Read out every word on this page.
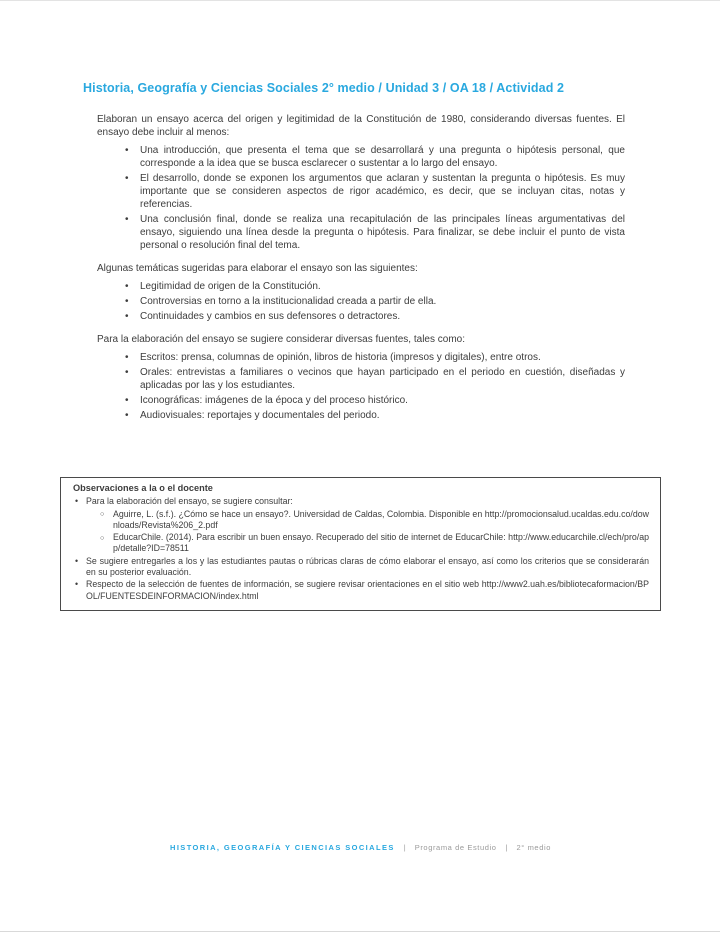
Historia, Geografía y Ciencias Sociales 2° medio / Unidad 3 / OA 18 / Actividad 2

Elaboran un ensayo acerca del origen y legitimidad de la Constitución de 1980, considerando diversas fuentes. El ensayo debe incluir al menos:

• Una introducción, que presenta el tema que se desarrollará y una pregunta o hipótesis personal, que corresponde a la idea que se busca esclarecer o sustentar a lo largo del ensayo.
• El desarrollo, donde se exponen los argumentos que aclaran y sustentan la pregunta o hipótesis. Es muy importante que se consideren aspectos de rigor académico, es decir, que se incluyan citas, notas y referencias.
• Una conclusión final, donde se realiza una recapitulación de las principales líneas argumentativas del ensayo, siguiendo una línea desde la pregunta o hipótesis. Para finalizar, se debe incluir el punto de vista personal o resolución final del tema.

Algunas temáticas sugeridas para elaborar el ensayo son las siguientes:

• Legitimidad de origen de la Constitución.
• Controversias en torno a la institucionalidad creada a partir de ella.
• Continuidades y cambios en sus defensores o detractores.

Para la elaboración del ensayo se sugiere considerar diversas fuentes, tales como:

• Escritos: prensa, columnas de opinión, libros de historia (impresos y digitales), entre otros.
• Orales: entrevistas a familiares o vecinos que hayan participado en el periodo en cuestión, diseñadas y aplicadas por las y los estudiantes.
• Iconográficas: imágenes de la época y del proceso histórico.
• Audiovisuales: reportajes y documentales del periodo.
Observaciones a la o el docente
• Para la elaboración del ensayo, se sugiere consultar:
○ Aguirre, L. (s.f.). ¿Cómo se hace un ensayo?. Universidad de Caldas, Colombia. Disponible en http://promocionsalud.ucaldas.edu.co/downloads/Revista%206_2.pdf
○ EducarChile. (2014). Para escribir un buen ensayo. Recuperado del sitio de internet de EducarChile: http://www.educarchile.cl/ech/pro/app/detalle?ID=78511
• Se sugiere entregarles a los y las estudiantes pautas o rúbricas claras de cómo elaborar el ensayo, así como los criterios que se considerarán en su posterior evaluación.
• Respecto de la selección de fuentes de información, se sugiere revisar orientaciones en el sitio web http://www2.uah.es/bibliotecaformacion/BPOL/FUENTESDEINFORMACION/index.html
HISTORIA, GEOGRAFÍA Y CIENCIAS SOCIALES | Programa de Estudio | 2° medio
